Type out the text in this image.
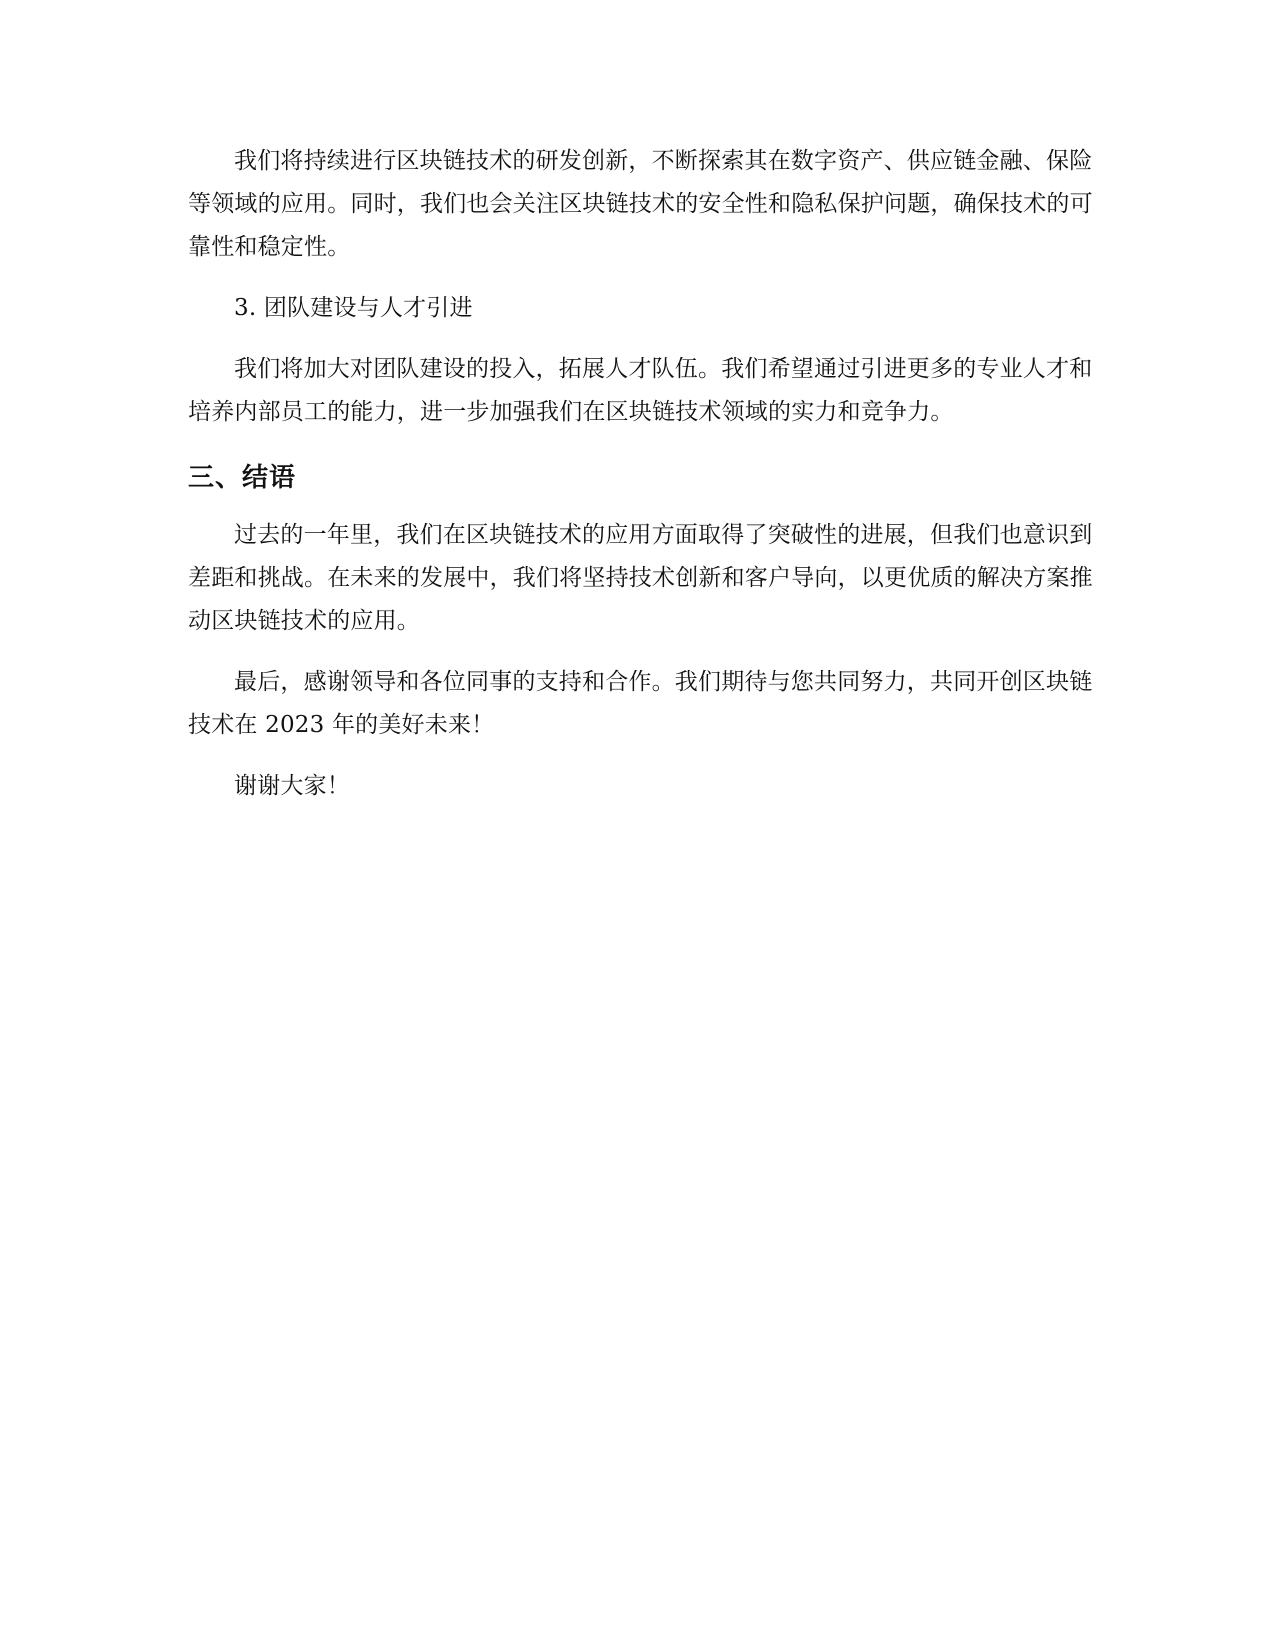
我们将持续进行区块链技术的研发创新，不断探索其在数字资产、供应链金融、保险等领域的应用。同时，我们也会关注区块链技术的安全性和隐私保护问题，确保技术的可靠性和稳定性。

3. 团队建设与人才引进

我们将加大对团队建设的投入，拓展人才队伍。我们希望通过引进更多的专业人才和培养内部员工的能力，进一步加强我们在区块链技术领域的实力和竞争力。

三、结语

过去的一年里，我们在区块链技术的应用方面取得了突破性的进展，但我们也意识到差距和挑战。在未来的发展中，我们将坚持技术创新和客户导向，以更优质的解决方案推动区块链技术的应用。

最后，感谢领导和各位同事的支持和合作。我们期待与您共同努力，共同开创区块链技术在 2023 年的美好未来！

谢谢大家！
